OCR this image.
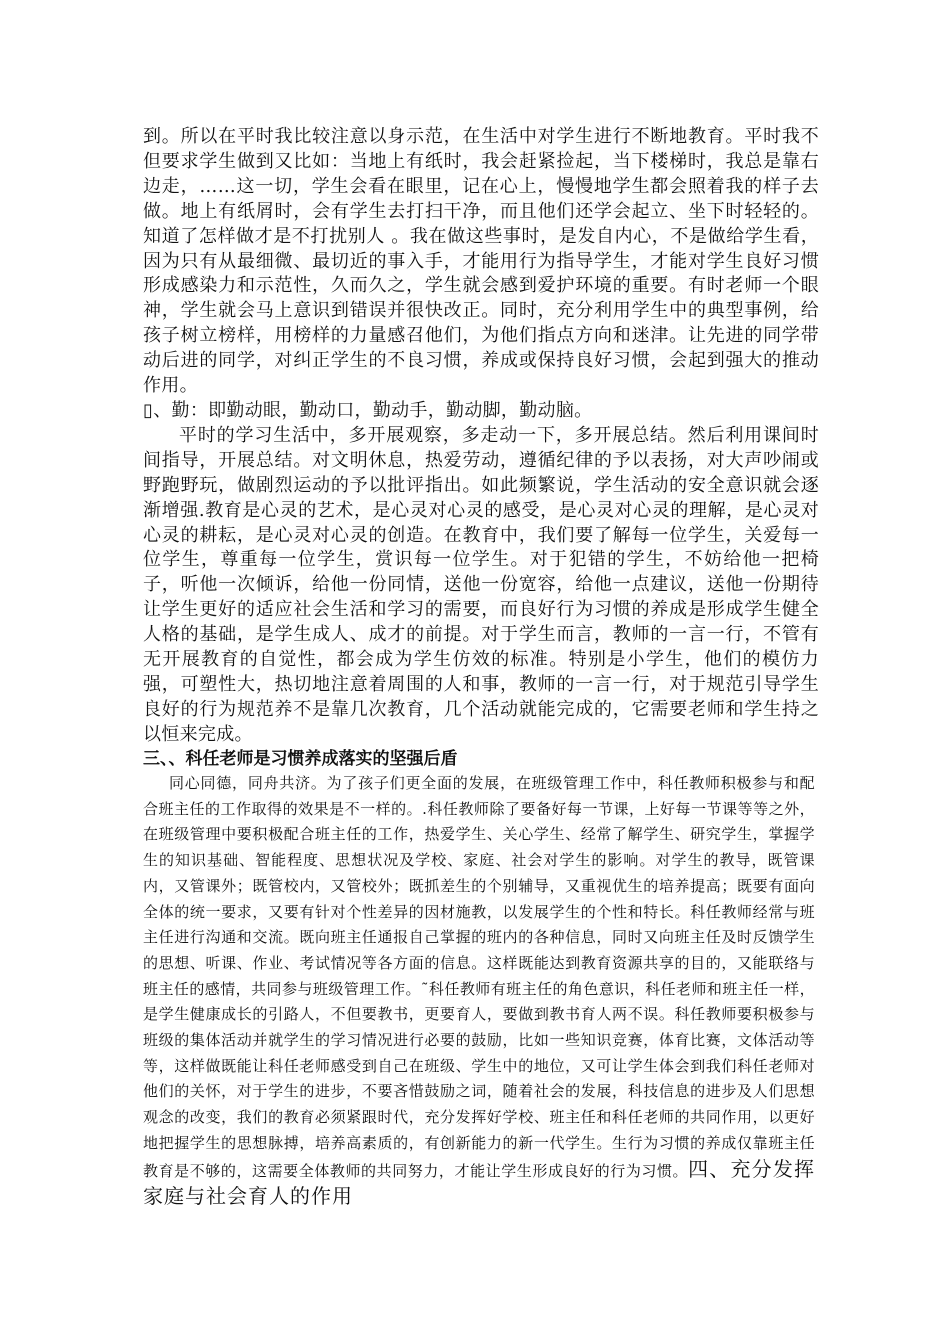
到。所以在平时我比较注意以身示范，在生活中对学生进行不断地教育。平时我不但要求学生做到又比如：当地上有纸时，我会赶紧捡起，当下楼梯时，我总是靠右边走，……这一切，学生会看在眼里，记在心上，慢慢地学生都会照着我的样子去做。地上有纸屑时，会有学生去打扫干净，而且他们还学会起立、坐下时轻轻的。知道了怎样做才是不打扰别人 。我在做这些事时，是发自内心，不是做给学生看，因为只有从最细微、最切近的事入手，才能用行为指导学生，才能对学生良好习惯形成感染力和示范性，久而久之，学生就会感到爱护环境的重要。有时老师一个眼神，学生就会马上意识到错误并很快改正。同时，充分利用学生中的典型事例，给孩子树立榜样，用榜样的力量感召他们，为他们指点方向和迷津。让先进的同学带动后进的同学，对纠正学生的不良习惯，养成或保持良好习惯，会起到强大的推动作用。

▯、勤：即勤动眼，勤动口，勤动手，勤动脚，勤动脑。

平时的学习生活中，多开展观察，多走动一下，多开展总结。然后利用课间时间指导，开展总结。对文明休息，热爱劳动，遵循纪律的予以表扬，对大声吵闹或野跑野玩，做剧烈运动的予以批评指出。如此频繁说，学生活动的安全意识就会逐渐增强.教育是心灵的艺术，是心灵对心灵的感受，是心灵对心灵的理解，是心灵对心灵的耕耘，是心灵对心灵的创造。在教育中，我们要了解每一位学生，关爱每一位学生，尊重每一位学生，赏识每一位学生。对于犯错的学生，不妨给他一把椅子，听他一次倾诉，给他一份同情，送他一份宽容，给他一点建议，送他一份期待让学生更好的适应社会生活和学习的需要，而良好行为习惯的养成是形成学生健全人格的基础，是学生成人、成才的前提。对于学生而言，教师的一言一行，不管有无开展教育的自觉性，都会成为学生仿效的标准。特别是小学生，他们的模仿力强，可塑性大，热切地注意着周围的人和事，教师的一言一行，对于规范引导学生良好的行为规范养不是靠几次教育，几个活动就能完成的，它需要老师和学生持之以恒来完成。

三、、科任老师是习惯养成落实的坚强后盾

同心同德，同舟共济。为了孩子们更全面的发展，在班级管理工作中，科任教师积极参与和配合班主任的工作取得的效果是不一样的。.科任教师除了要备好每一节课，上好每一节课等等之外，在班级管理中要积极配合班主任的工作，热爱学生、关心学生、经常了解学生、研究学生，掌握学生的知识基础、智能程度、思想状况及学校、家庭、社会对学生的影响。对学生的教导，既管课内，又管课外；既管校内，又管校外；既抓差生的个别辅导，又重视优生的培养提高；既要有面向全体的统一要求，又要有针对个性差异的因材施教，以发展学生的个性和特长。科任教师经常与班主任进行沟通和交流。既向班主任通报自己掌握的班内的各种信息，同时又向班主任及时反馈学生的思想、听课、作业、考试情况等各方面的信息。这样既能达到教育资源共享的目的，又能联络与班主任的感情，共同参与班级管理工作。˜科任教师有班主任的角色意识，科任老师和班主任一样，是学生健康成长的引路人，不但要教书，更要育人，要做到教书育人两不误。科任教师要积极参与班级的集体活动并就学生的学习情况进行必要的鼓励，比如一些知识竞赛，体育比赛，文体活动等等，这样做既能让科任老师感受到自己在班级、学生中的地位，又可让学生体会到我们科任老师对他们的关怀，对于学生的进步，不要吝惜鼓励之词，随着社会的发展，科技信息的进步及人们思想观念的改变，我们的教育必须紧跟时代，充分发挥好学校、班主任和科任老师的共同作用，以更好地把握学生的思想脉搏，培养高素质的，有创新能力的新一代学生。生行为习惯的养成仅靠班主任教育是不够的，这需要全体教师的共同努力，才能让学生形成良好的行为习惯。四、充分发挥家庭与社会育人的作用
